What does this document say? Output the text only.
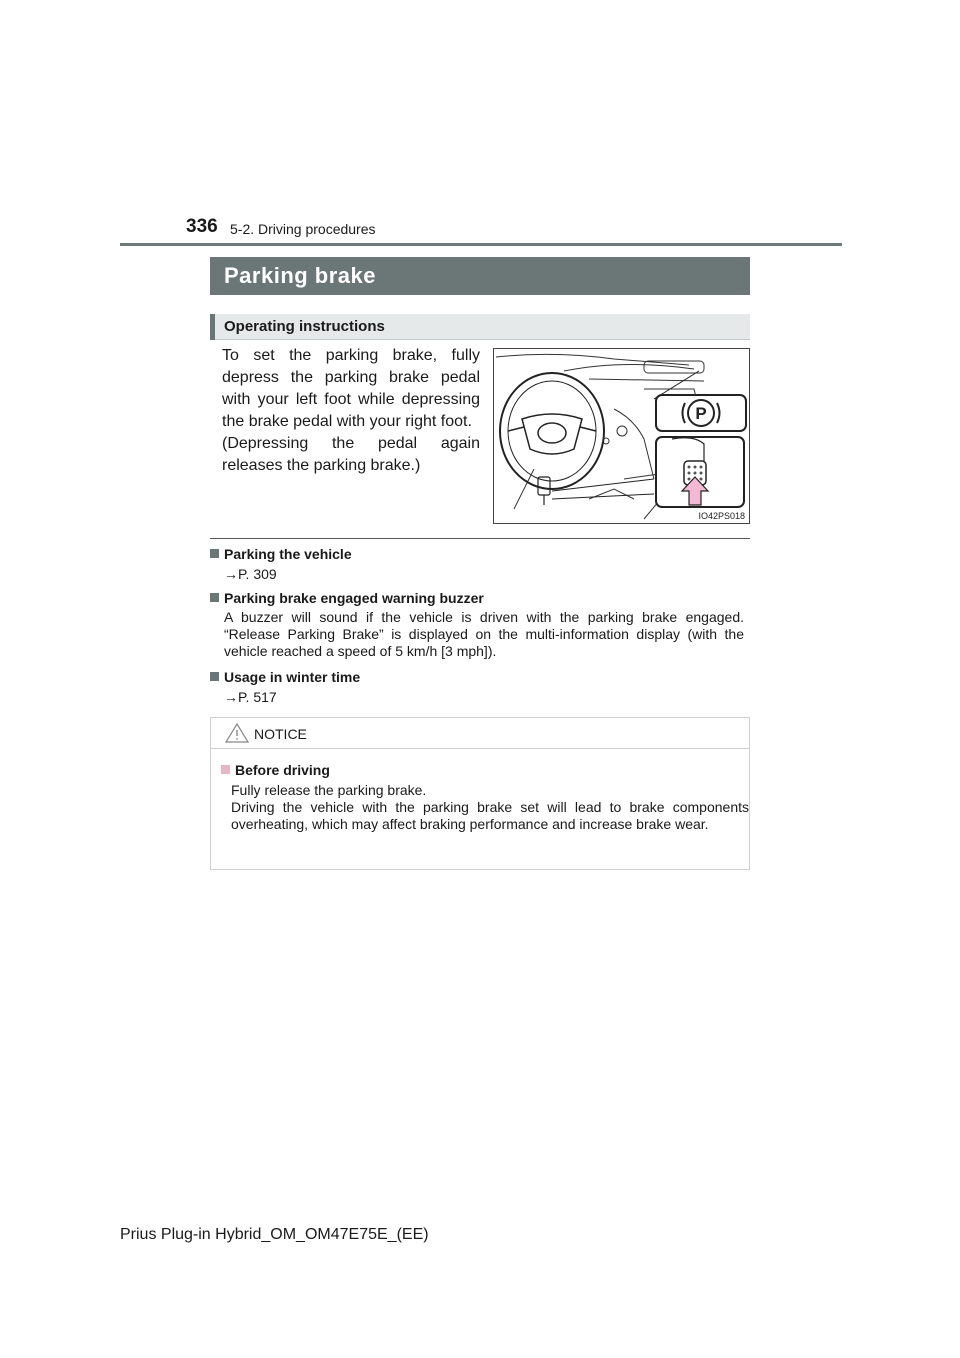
336 5-2. Driving procedures
Parking brake
Operating instructions

To set the parking brake, fully depress the parking brake pedal with your left foot while depressing the brake pedal with your right foot.

(Depressing the pedal again releases the parking brake.)

P
IO42PS018
Parking the vehicle
→P. 309
Parking brake engaged warning buzzer
A buzzer will sound if the vehicle is driven with the parking brake engaged. “Release Parking Brake” is displayed on the multi-information display (with the vehicle reached a speed of 5 km/h [3 mph]).
Usage in winter time
→P. 517
NOTICE
Before driving

Fully release the parking brake.

Driving the vehicle with the parking brake set will lead to brake components overheating, which may affect braking performance and increase brake wear.

Prius Plug-in Hybrid_OM_OM47E75E_(EE)
